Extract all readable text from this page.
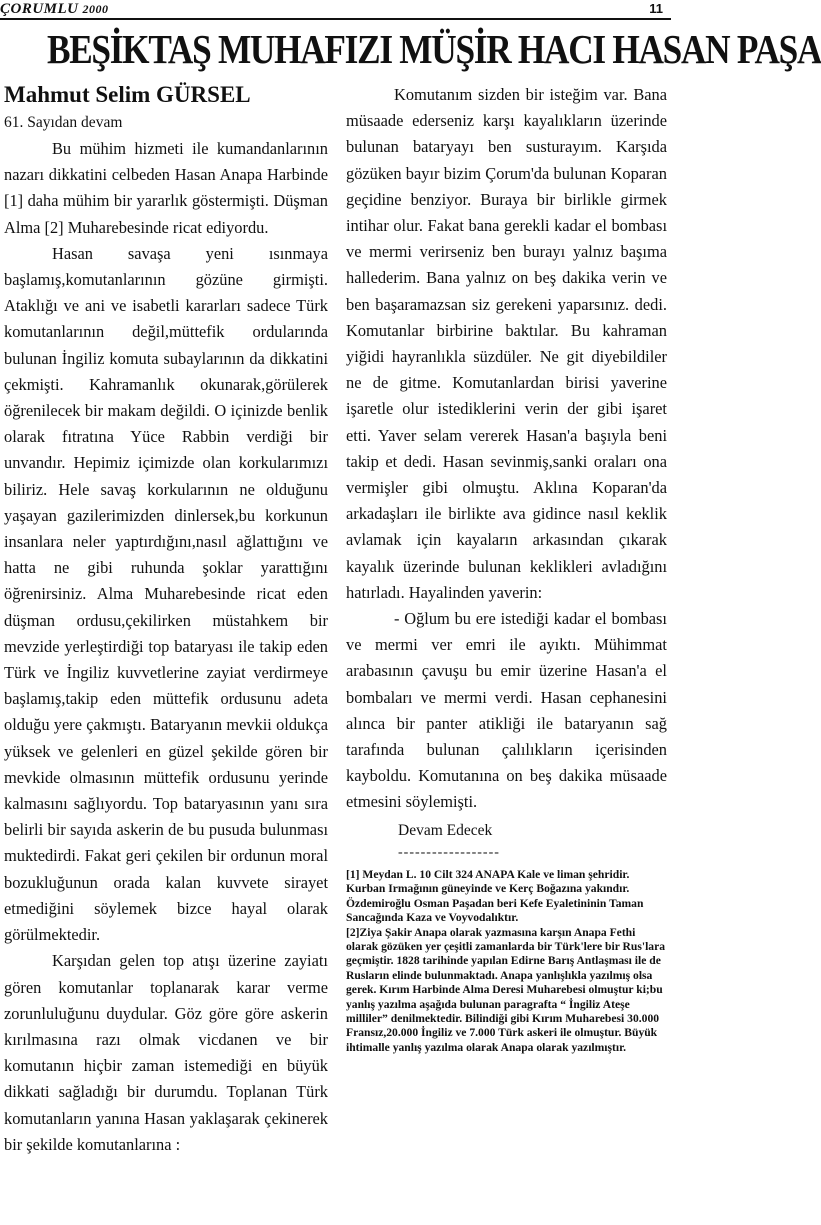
ÇORUMLU 2000	11
BEŞİKTAŞ MUHAFIZI MÜŞİR HACI HASAN PAŞA
Mahmut Selim GÜRSEL

61. Sayıdan devam

Bu mühim hizmeti ile kumandanlarının nazarı dikkatini celbeden Hasan Anapa Harbinde [1] daha mühim bir yararlık göstermişti. Düşman Alma [2] Muharebesinde ricat ediyordu.

Hasan savaşa yeni ısınmaya başlamış,komutanlarının gözüne girmişti. Ataklığı ve ani ve isabetli kararları sadece Türk komutanlarının değil,müttefik ordularında bulunan İngiliz komuta subaylarının da dikkatini çekmişti. Kahramanlık okunarak,görülerek öğrenilecek bir makam değildi. O içinizde benlik olarak fıtratına Yüce Rabbin verdiği bir unvandır. Hepimiz içimizde olan korkularımızı biliriz. Hele savaş korkularının ne olduğunu yaşayan gazilerimizden dinlersek,bu korkunun insanlara neler yaptırdığını,nasıl ağlattığını ve hatta ne gibi ruhunda şoklar yarattığını öğrenirsiniz. Alma Muharebesinde ricat eden düşman ordusu,çekilirken müstahkem bir mevzide yerleştirdiği top bataryası ile takip eden Türk ve İngiliz kuvvetlerine zayiat verdirmeye başlamış,takip eden müttefik ordusunu adeta olduğu yere çakmıştı. Bataryanın mevkii oldukça yüksek ve gelenleri en güzel şekilde gören bir mevkide olmasının müttefik ordusunu yerinde kalmasını sağlıyordu. Top bataryasının yanı sıra belirli bir sayıda askerin de bu pusuda bulunması muktedirdi. Fakat geri çekilen bir ordunun moral bozukluğunun orada kalan kuvvete sirayet etmediğini söylemek bizce hayal olarak görülmektedir.

Karşıdan gelen top atışı üzerine zayiatı gören komutanlar toplanarak karar verme zorunluluğunu duydular. Göz göre göre askerin kırılmasına razı olmak vicdanen ve bir komutanın hiçbir zaman istemediği en büyük dikkati sağladığı bir durumdu. Toplanan Türk komutanların yanına Hasan yaklaşarak çekinerek bir şekilde komutanlarına :

Komutanım sizden bir isteğim var. Bana müsaade ederseniz karşı kayalıkların üzerinde bulunan bataryayı ben susturayım. Karşıda gözüken bayır bizim Çorum'da bulunan Koparan geçidine benziyor. Buraya bir birlikle girmek intihar olur. Fakat bana gerekli kadar el bombası ve mermi verirseniz ben burayı yalnız başıma hallederim. Bana yalnız on beş dakika verin ve ben başaramazsan siz gerekeni yaparsınız. dedi. Komutanlar birbirine baktılar. Bu kahraman yiğidi hayranlıkla süzdüler. Ne git diyebildiler ne de gitme. Komutanlardan birisi yaverine işaretle olur istediklerini verin der gibi işaret etti. Yaver selam vererek Hasan'a başıyla beni takip et dedi. Hasan sevinmiş,sanki oraları ona vermişler gibi olmuştu. Aklına Koparan'da arkadaşları ile birlikte ava gidince nasıl keklik avlamak için kayaların arkasından çıkarak kayalık üzerinde bulunan keklikleri avladığını hatırladı. Hayalinden yaverin:

- Oğlum bu ere istediği kadar el bombası ve mermi ver emri ile ayıktı. Mühimmat arabasının çavuşu bu emir üzerine Hasan'a el bombaları ve mermi verdi. Hasan cephanesini alınca bir panter atikliği ile bataryanın sağ tarafında bulunan çalılıkların içerisinden kayboldu. Komutanına on beş dakika müsaade etmesini söylemişti.

Devam Edecek

------------------

[1] Meydan L. 10 Cilt 324 ANAPA Kale ve liman şehridir. Kurban Irmağının güneyinde ve Kerç Boğazına yakındır. Özdemiroğlu Osman Paşadan beri Kefe Eyaletininin Taman Sancağında Kaza ve Voyvodalıktır.

[2]Ziya Şakir Anapa olarak yazmasına karşın Anapa Fethi olarak gözüken yer çeşitli zamanlarda bir Türk'lere bir Rus'lara geçmiştir. 1828 tarihinde yapılan Edirne Barış Antlaşması ile de Rusların elinde bulunmaktadı. Anapa yanlışlıkla yazılmış olsa gerek. Kırım Harbinde Alma Deresi Muharebesi olmuştur ki;bu yanlış yazılma aşağıda bulunan paragrafta “ İngiliz Ateşe milliler” denilmektedir. Bilindiği gibi Kırım Muharebesi 30.000 Fransız,20.000 İngiliz ve 7.000 Türk askeri ile olmuştur. Büyük ihtimalle yanlış yazılma olarak Anapa olarak yazılmıştır.
